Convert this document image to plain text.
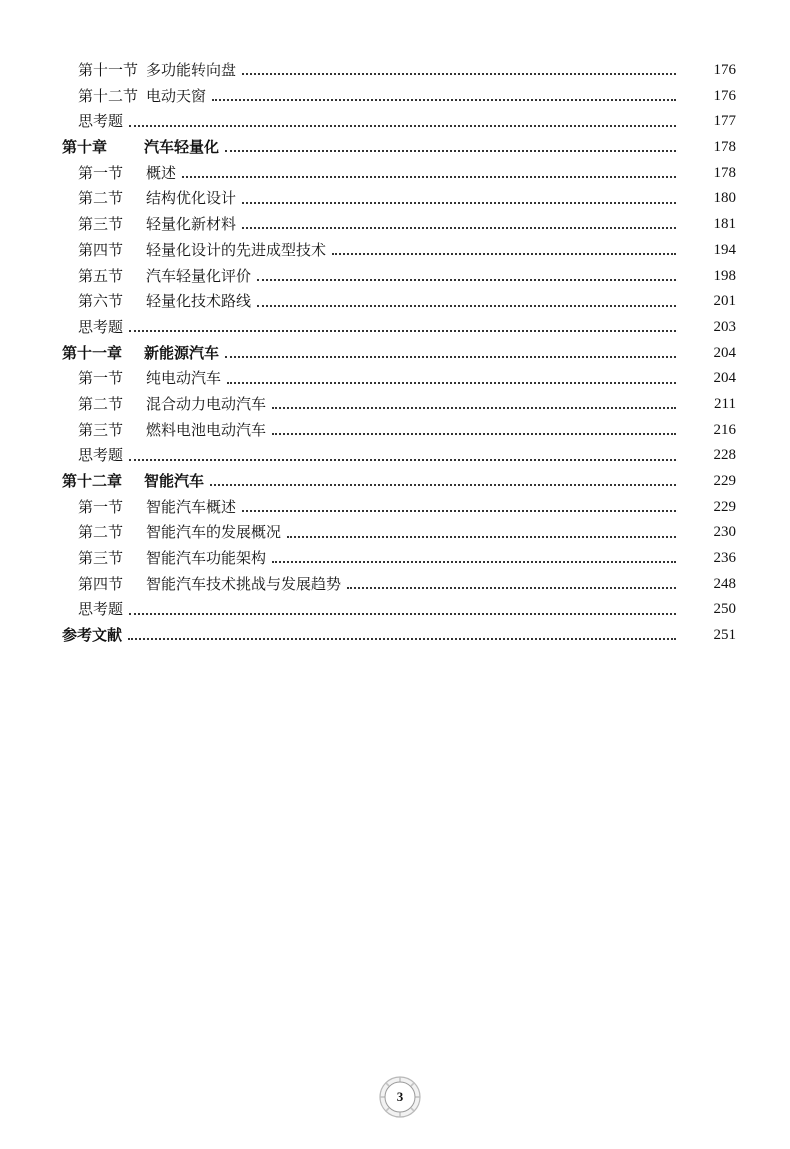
第十一节 多功能转向盘	176
第十二节 电动天窗	176
思考题	177
第十章	汽车轻量化	178
第一节	概述	178
第二节	结构优化设计	180
第三节	轻量化新材料	181
第四节	轻量化设计的先进成型技术	194
第五节	汽车轻量化评价	198
第六节	轻量化技术路线	201
思考题	203
第十一章	新能源汽车	204
第一节	纯电动汽车	204
第二节	混合动力电动汽车	211
第三节	燃料电池电动汽车	216
思考题	228
第十二章	智能汽车	229
第一节	智能汽车概述	229
第二节	智能汽车的发展概况	230
第三节	智能汽车功能架构	236
第四节	智能汽车技术挑战与发展趋势	248
思考题	250
参考文献	251
3
